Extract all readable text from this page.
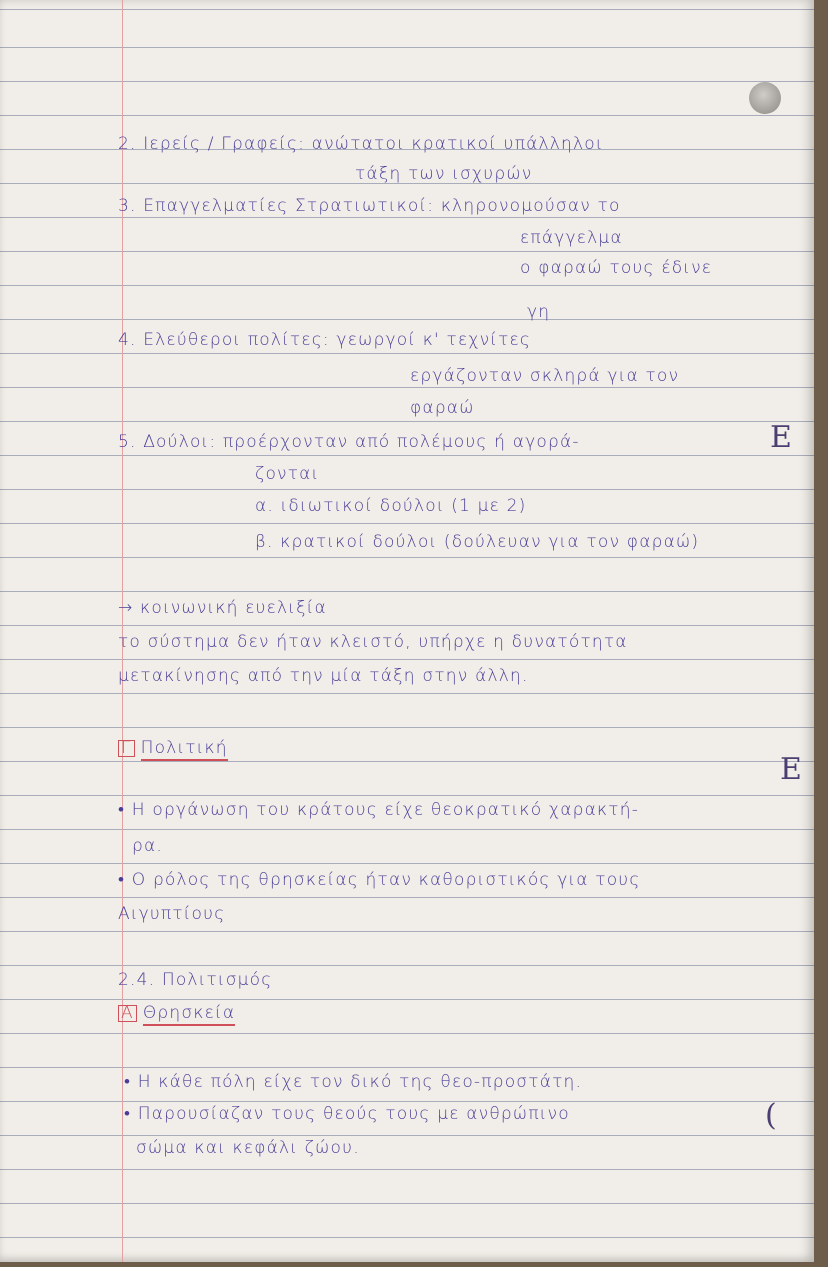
2. Ιερείς / Γραφείς: ανώτατοι κρατικοί υπάλληλοι
τάξη των ισχυρών
3. Επαγγελματίες Στρατιωτικοί: κληρονομούσαν το
επάγγελμα
ο φαραώ τους έδινε
γη
4. Ελεύθεροι πολίτες: γεωργοί κ' τεχνίτες
εργάζονταν σκληρά για τον
φαραώ
5. Δούλοι: προέρχονταν από πολέμους ή αγορά-
ζονται
α. ιδιωτικοί δούλοι (1 με 2)
β. κρατικοί δούλοι (δούλευαν για τον φαραώ)
→ κοινωνική ευελιξία
το σύστημα δεν ήταν κλειστό, υπήρχε η δυνατότητα
μετακίνησης από την μία τάξη στην άλλη.
Γ Πολιτική
• Η οργάνωση του κράτους είχε θεοκρατικό χαρακτή-
ρα.
• Ο ρόλος της θρησκείας ήταν καθοριστικός για τους
Αιγυπτίους
2.4. Πολιτισμός
Α Θρησκεία
• Η κάθε πόλη είχε τον δικό της θεο-προστάτη.
• Παρουσίαζαν τους θεούς τους με ανθρώπινο
σώμα και κεφάλι ζώου.
Ε
Ε
(
